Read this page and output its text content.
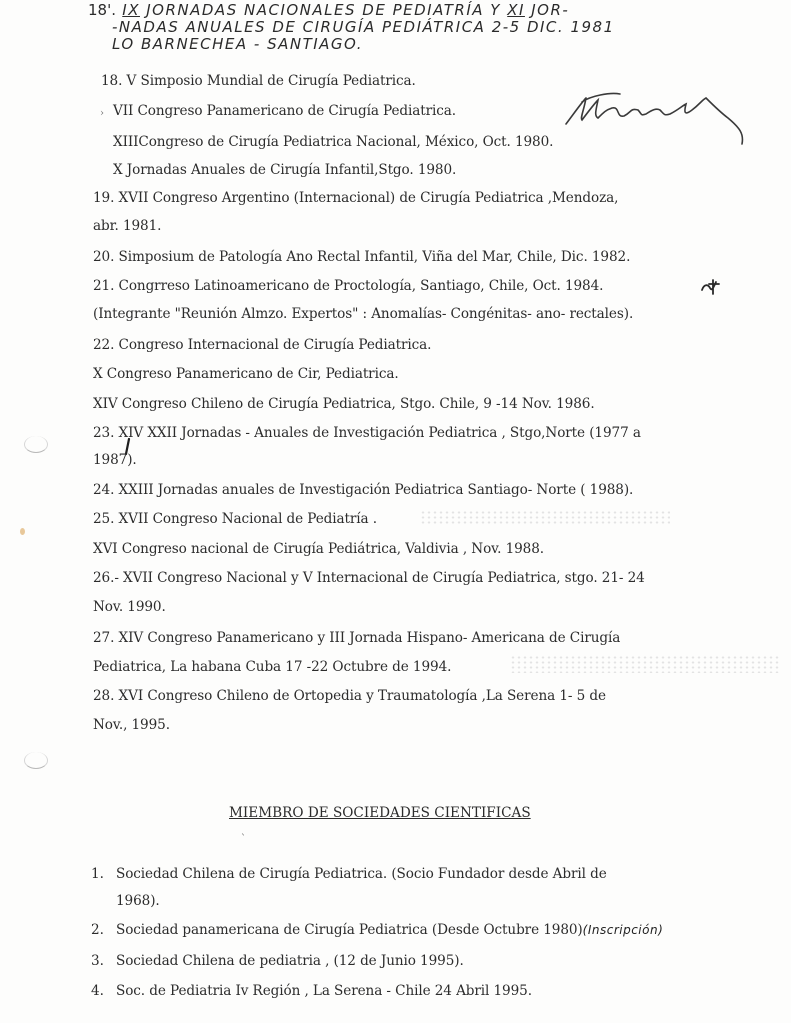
18'. IX JORNADAS NACIONALES DE PEDIATRÍA Y XI JOR-
-NADAS ANUALES DE CIRUGÍA PEDIÁTRICA 2-5 DIC. 1981
LO BARNECHEA - SANTIAGO.
18. V Simposio Mundial de Cirugía Pediatrica.
VII Congreso Panamericano de Cirugía Pediatrica.
›
XIIICongreso de Cirugía Pediatrica Nacional, México, Oct. 1980.
X Jornadas Anuales de Cirugía Infantil,Stgo. 1980.
19. XVII Congreso Argentino (Internacional) de Cirugía Pediatrica ,Mendoza,
abr. 1981.
20. Simposium de Patología Ano Rectal Infantil, Viña del Mar, Chile, Dic. 1982.
21. Congrreso Latinoamericano de Proctología, Santiago, Chile, Oct. 1984.
(Integrante "Reunión Almzo. Expertos" : Anomalías- Congénitas- ano- rectales).
22. Congreso Internacional de Cirugía Pediatrica.
X Congreso Panamericano de Cir, Pediatrica.
XIV Congreso Chileno de Cirugía Pediatrica, Stgo. Chile, 9 -14 Nov. 1986.
23. XIV XXII Jornadas - Anuales de Investigación Pediatrica , Stgo,Norte (1977 a
1987).
24. XXIII Jornadas anuales de Investigación Pediatrica Santiago- Norte ( 1988).
25. XVII Congreso Nacional de Pediatría .
XVI Congreso nacional de Cirugía Pediátrica, Valdivia , Nov. 1988.
26.- XVII Congreso Nacional y V Internacional de Cirugía Pediatrica, stgo. 21- 24
Nov. 1990.
27. XIV Congreso Panamericano y III Jornada Hispano- Americana de Cirugía
Pediatrica, La habana Cuba 17 -22 Octubre de 1994.
28. XVI Congreso Chileno de Ortopedia y Traumatología ,La Serena 1- 5 de
Nov., 1995.
MIEMBRO DE SOCIEDADES CIENTIFICAS
1. Sociedad Chilena de Cirugía Pediatrica. (Socio Fundador desde Abril de
1968).
2. Sociedad panamericana de Cirugía Pediatrica (Desde Octubre 1980)(Inscripción)
3. Sociedad Chilena de pediatria , (12 de Junio 1995).
4. Soc. de Pediatria Iv Región , La Serena - Chile 24 Abril 1995.
`
